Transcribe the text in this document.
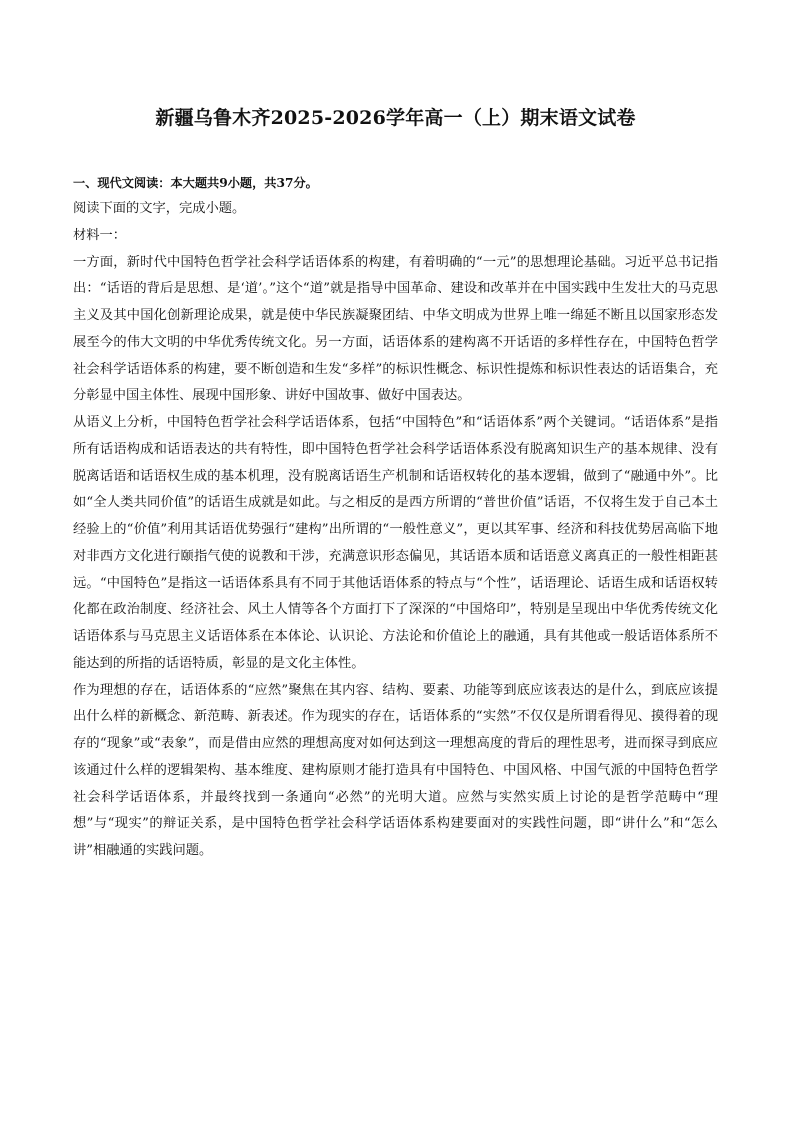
新疆乌鲁木齐2025-2026学年高一（上）期末语文试卷

一、现代文阅读：本大题共9小题，共37分。

阅读下面的文字，完成小题。

材料一：

一方面，新时代中国特色哲学社会科学话语体系的构建，有着明确的“一元”的思想理论基础。习近平总书记指出：“话语的背后是思想、是‘道’。”这个“道”就是指导中国革命、建设和改革并在中国实践中生发壮大的马克思主义及其中国化创新理论成果，就是使中华民族凝聚团结、中华文明成为世界上唯一绵延不断且以国家形态发展至今的伟大文明的中华优秀传统文化。另一方面，话语体系的建构离不开话语的多样性存在，中国特色哲学社会科学话语体系的构建，要不断创造和生发“多样”的标识性概念、标识性提炼和标识性表达的话语集合，充分彰显中国主体性、展现中国形象、讲好中国故事、做好中国表达。

从语义上分析，中国特色哲学社会科学话语体系，包括“中国特色”和“话语体系”两个关键词。“话语体系”是指所有话语构成和话语表达的共有特性，即中国特色哲学社会科学话语体系没有脱离知识生产的基本规律、没有脱离话语和话语权生成的基本机理，没有脱离话语生产机制和话语权转化的基本逻辑，做到了“融通中外”。比如“全人类共同价值”的话语生成就是如此。与之相反的是西方所谓的“普世价值”话语，不仅将生发于自己本土经验上的“价值”利用其话语优势强行“建构”出所谓的“一般性意义”，更以其军事、经济和科技优势居高临下地对非西方文化进行颐指气使的说教和干涉，充满意识形态偏见，其话语本质和话语意义离真正的一般性相距甚远。“中国特色”是指这一话语体系具有不同于其他话语体系的特点与“个性”，话语理论、话语生成和话语权转化都在政治制度、经济社会、风土人情等各个方面打下了深深的“中国烙印”，特别是呈现出中华优秀传统文化话语体系与马克思主义话语体系在本体论、认识论、方法论和价值论上的融通，具有其他或一般话语体系所不能达到的所指的话语特质，彰显的是文化主体性。

作为理想的存在，话语体系的“应然”聚焦在其内容、结构、要素、功能等到底应该表达的是什么，到底应该提出什么样的新概念、新范畴、新表述。作为现实的存在，话语体系的“实然”不仅仅是所谓看得见、摸得着的现存的“现象”或“表象”，而是借由应然的理想高度对如何达到这一理想高度的背后的理性思考，进而探寻到底应该通过什么样的逻辑架构、基本维度、建构原则才能打造具有中国特色、中国风格、中国气派的中国特色哲学社会科学话语体系，并最终找到一条通向“必然”的光明大道。应然与实然实质上讨论的是哲学范畴中“理想”与“现实”的辩证关系，是中国特色哲学社会科学话语体系构建要面对的实践性问题，即“讲什么”和“怎么讲”相融通的实践问题。
